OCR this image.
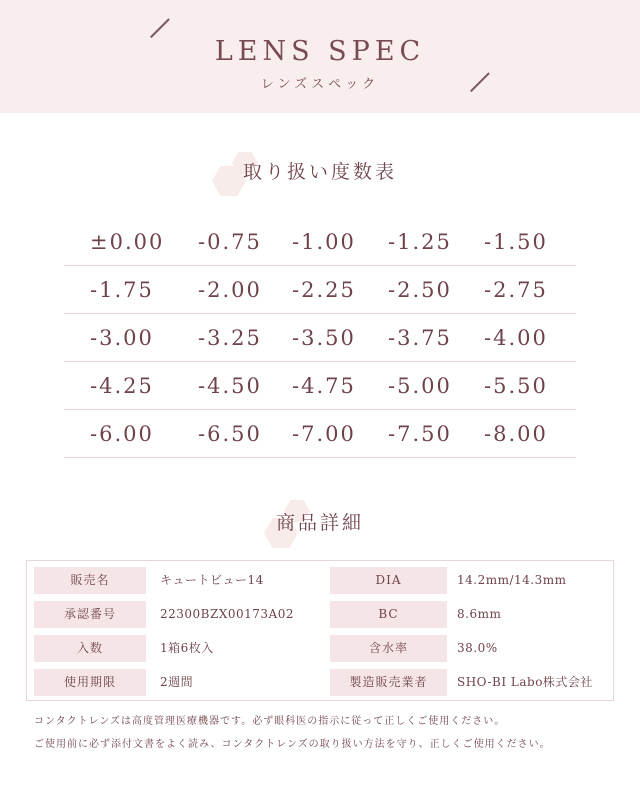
LENS SPEC
レンズスペック
取り扱い度数表
±0.00	-0.75	-1.00	-1.25	-1.50
-1.75	-2.00	-2.25	-2.50	-2.75
-3.00	-3.25	-3.50	-3.75	-4.00
-4.25	-4.50	-4.75	-5.00	-5.50
-6.00	-6.50	-7.00	-7.50	-8.00
商品詳細
販売名	キュートビュー14	DIA	14.2mm/14.3mm
承認番号	22300BZX00173A02	BC	8.6mm
入数	1箱6枚入	含水率	38.0%
使用期限	2週間	製造販売業者	SHO-BI Labo株式会社
コンタクトレンズは高度管理医療機器です。必ず眼科医の指示に従って正しくご使用ください。
ご使用前に必ず添付文書をよく読み、コンタクトレンズの取り扱い方法を守り、正しくご使用ください。
